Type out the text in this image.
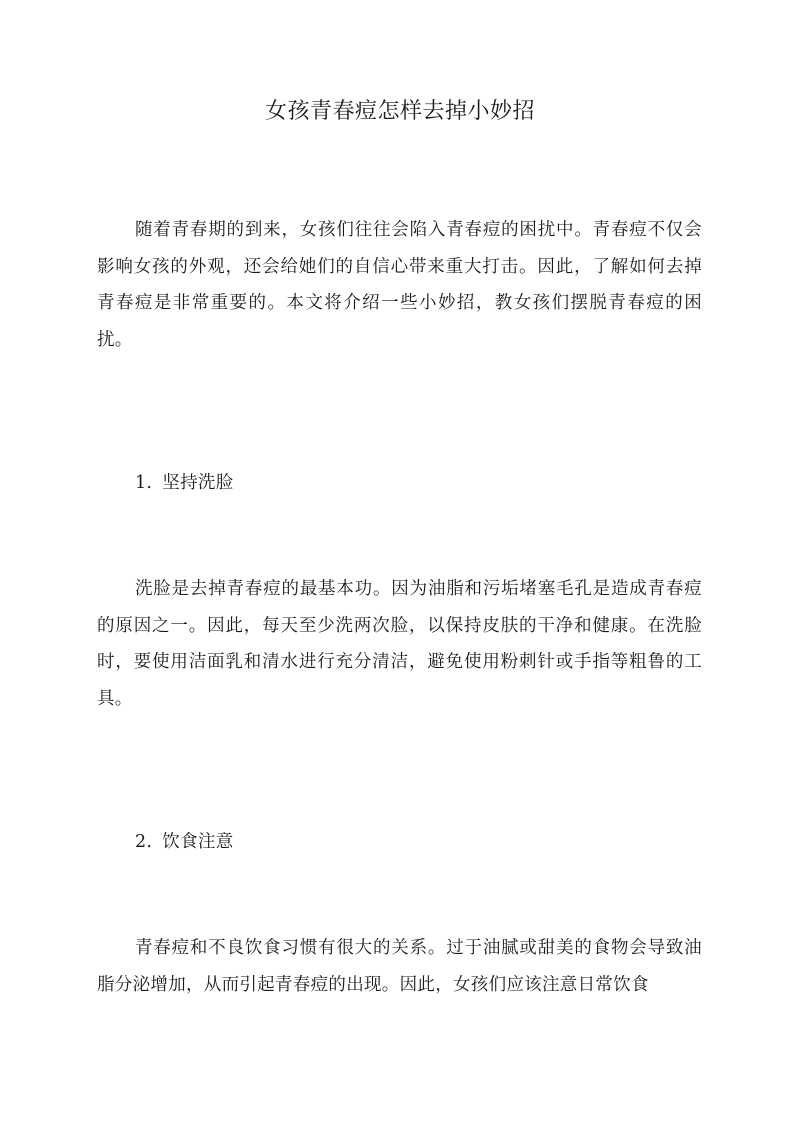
女孩青春痘怎样去掉小妙招

随着青春期的到来，女孩们往往会陷入青春痘的困扰中。青春痘不仅会影响女孩的外观，还会给她们的自信心带来重大打击。因此，了解如何去掉青春痘是非常重要的。本文将介绍一些小妙招，教女孩们摆脱青春痘的困扰。

1. 坚持洗脸

洗脸是去掉青春痘的最基本功。因为油脂和污垢堵塞毛孔是造成青春痘的原因之一。因此，每天至少洗两次脸，以保持皮肤的干净和健康。在洗脸时，要使用洁面乳和清水进行充分清洁，避免使用粉刺针或手指等粗鲁的工具。

2. 饮食注意

青春痘和不良饮食习惯有很大的关系。过于油腻或甜美的食物会导致油脂分泌增加，从而引起青春痘的出现。因此，女孩们应该注意日常饮食
